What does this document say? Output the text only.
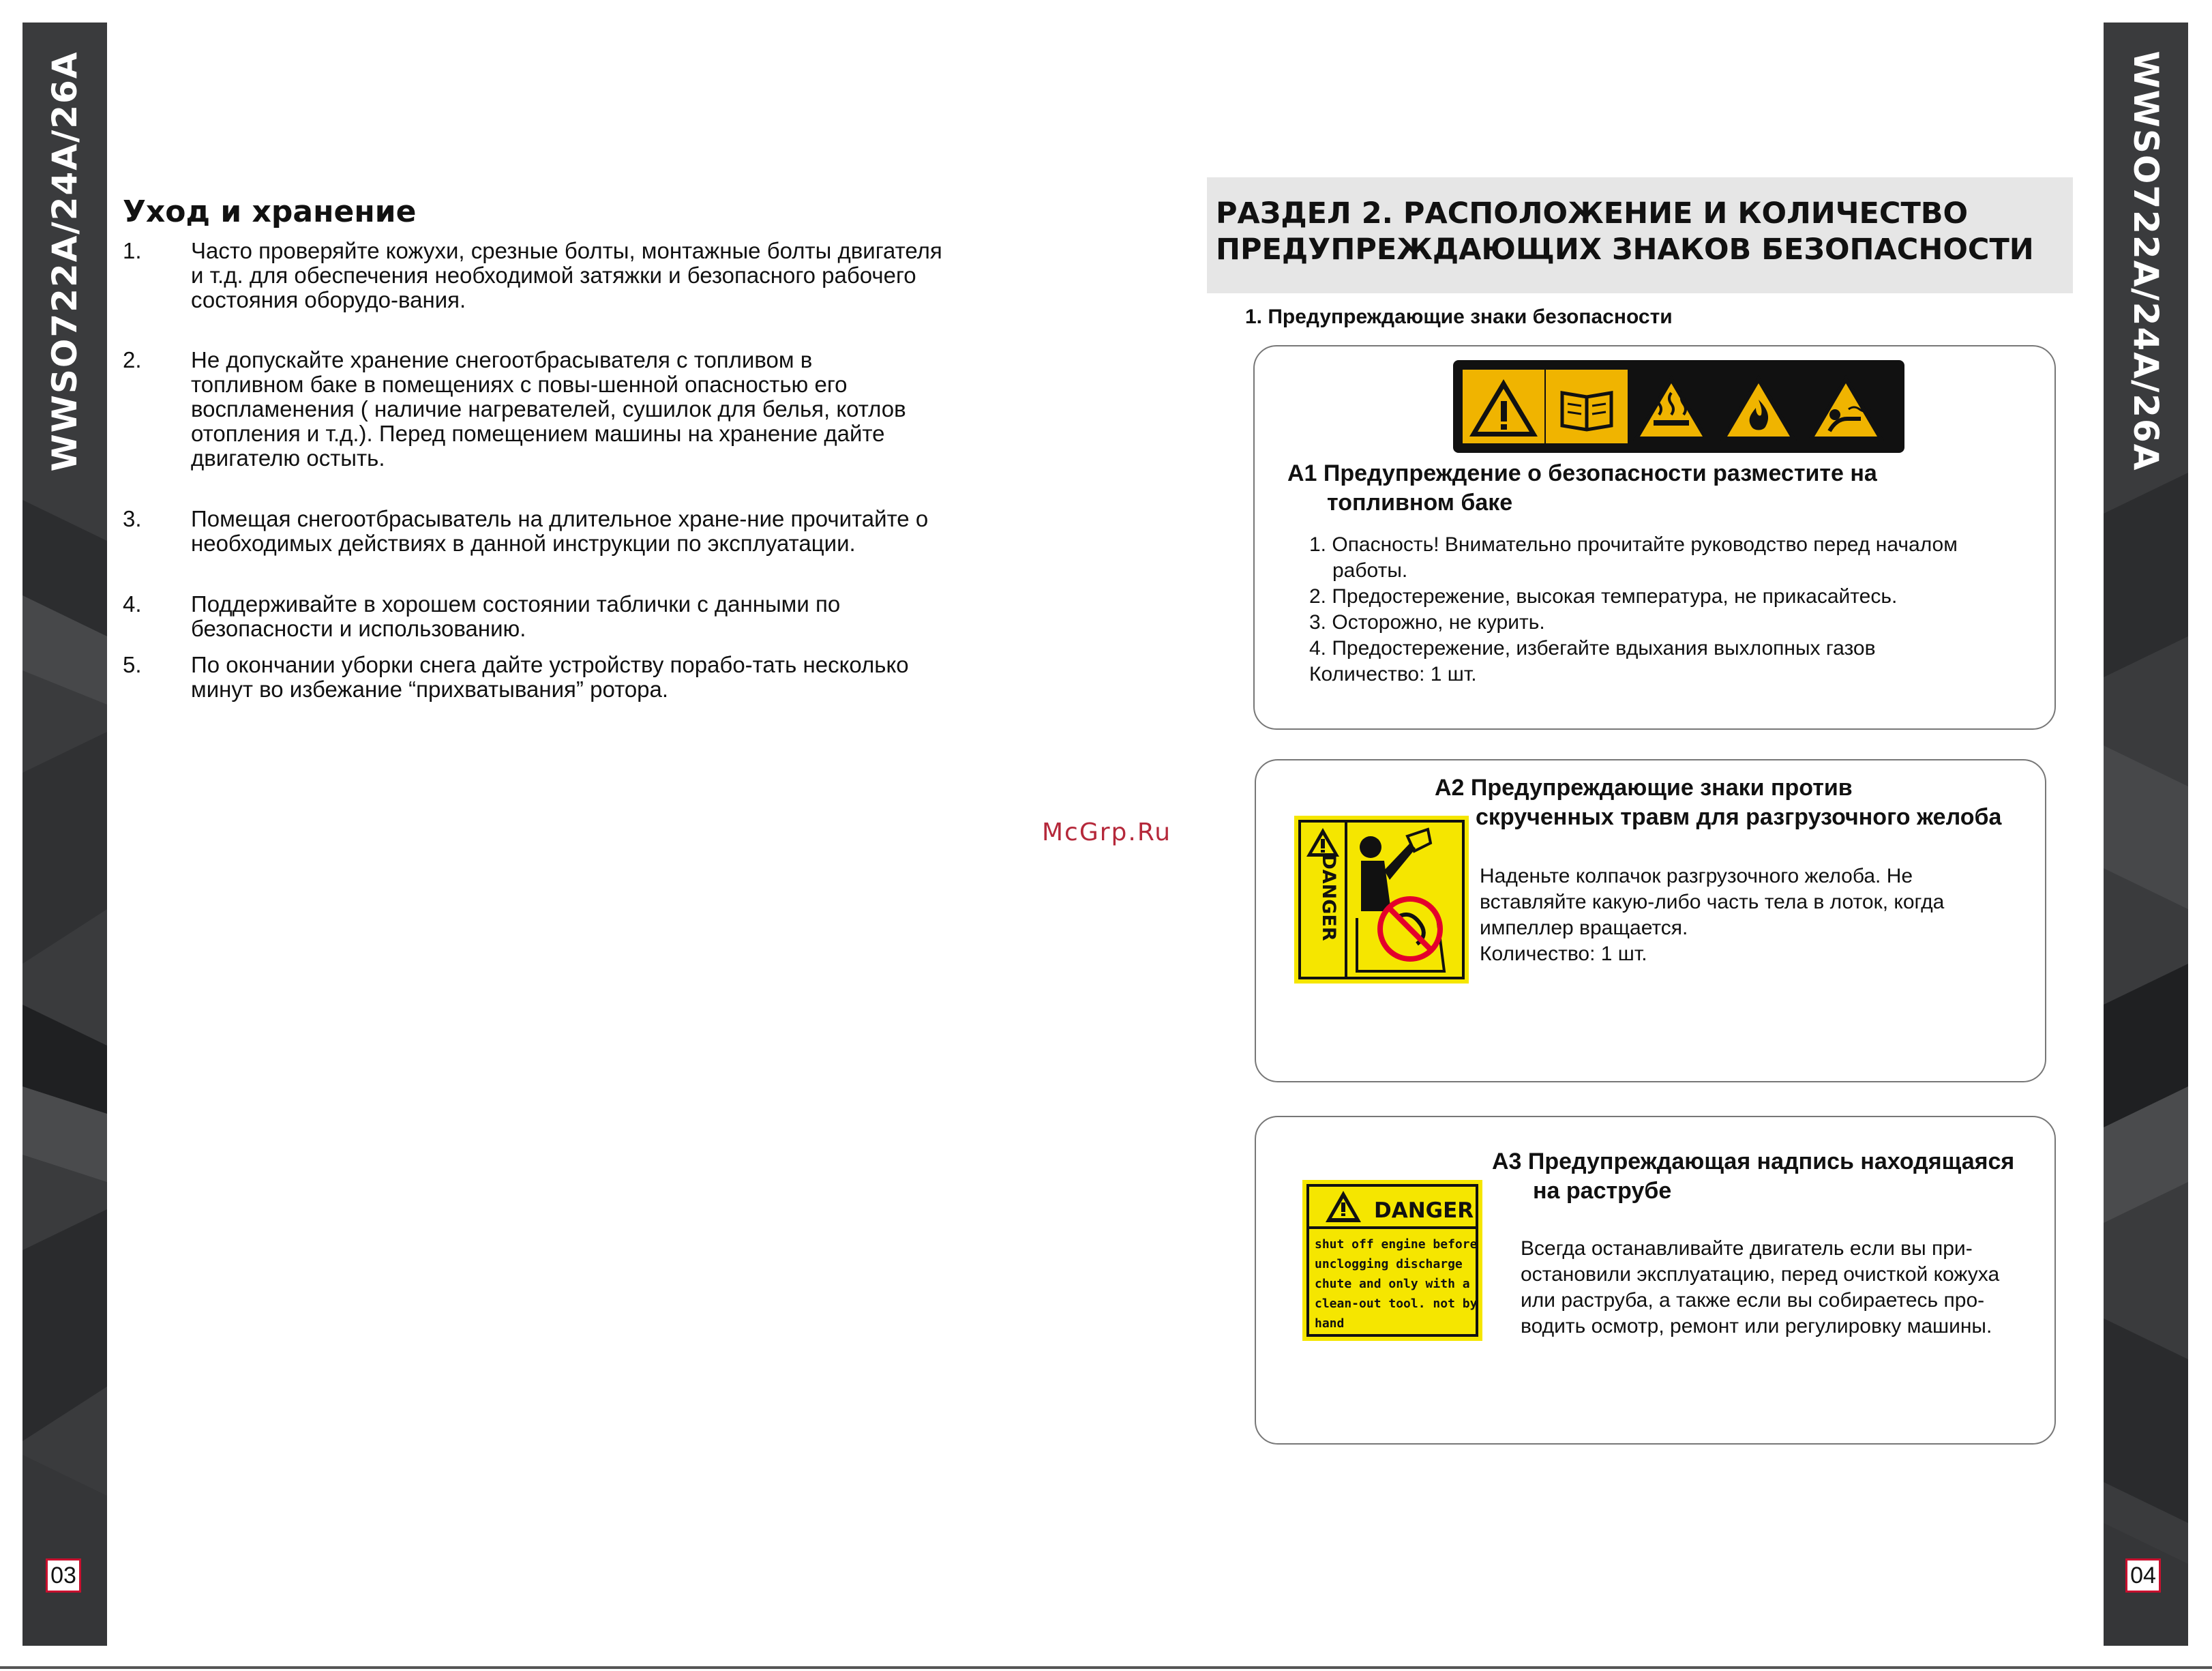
WWSO722A/24A/26A	WWSO722A/24A/26A
03	04
Уход и хранение
1. Часто проверяйте кожухи, срезные болты, монтажные болты двигателя
и т.д. для обеспечения необходимой затяжки и безопасного рабочего
состояния оборудо-вания.
2. Не допускайте хранение снегоотбрасывателя с топливом в
топливном баке в помещениях с повы-шенной опасностью его
воспламенения ( наличие нагревателей, сушилок для белья, котлов
отопления и т.д.). Перед помещением машины на хранение дайте
двигателю остыть.
3. Помещая снегоотбрасыватель на длительное хране-ние прочитайте о
необходимых действиях в данной инструкции по эксплуатации.
4. Поддерживайте в хорошем состоянии таблички с данными по
безопасности и использованию.
5. По окончании уборки снега дайте устройству порабо-тать несколько
минут во избежание “прихватывания” ротора.
McGrp.Ru
РАЗДЕЛ 2. РАСПОЛОЖЕНИЕ И КОЛИЧЕСТВО
ПРЕДУПРЕЖДАЮЩИХ ЗНАКОВ БЕЗОПАСНОСТИ
1. Предупреждающие знаки безопасности
A1 Предупреждение о безопасности разместите на
топливном баке
1. Опасность! Внимательно прочитайте руководство перед началом
работы.
2. Предостережение, высокая температура, не прикасайтесь.
3. Осторожно, не курить.
4. Предостережение, избегайте вдыхания выхлопных газов
Количество: 1 шт.
A2 Предупреждающие знаки против
скрученных травм для разгрузочного желоба
DANGER	Наденьте колпачок разгрузочного желоба. Не
вставляйте какую-либо часть тела в лоток, когда
импеллер вращается.
Количество: 1 шт.
A3 Предупреждающая надпись находящаяся
на раструбе
DANGER
shut off engine before
unclogging discharge
chute and only with a
clean-out tool. not by
hand
Всегда останавливайте двигатель если вы при-
остановили эксплуатацию, перед очисткой кожуха
или раструба, а также если вы собираетесь про-
водить осмотр, ремонт или регулировку машины.
